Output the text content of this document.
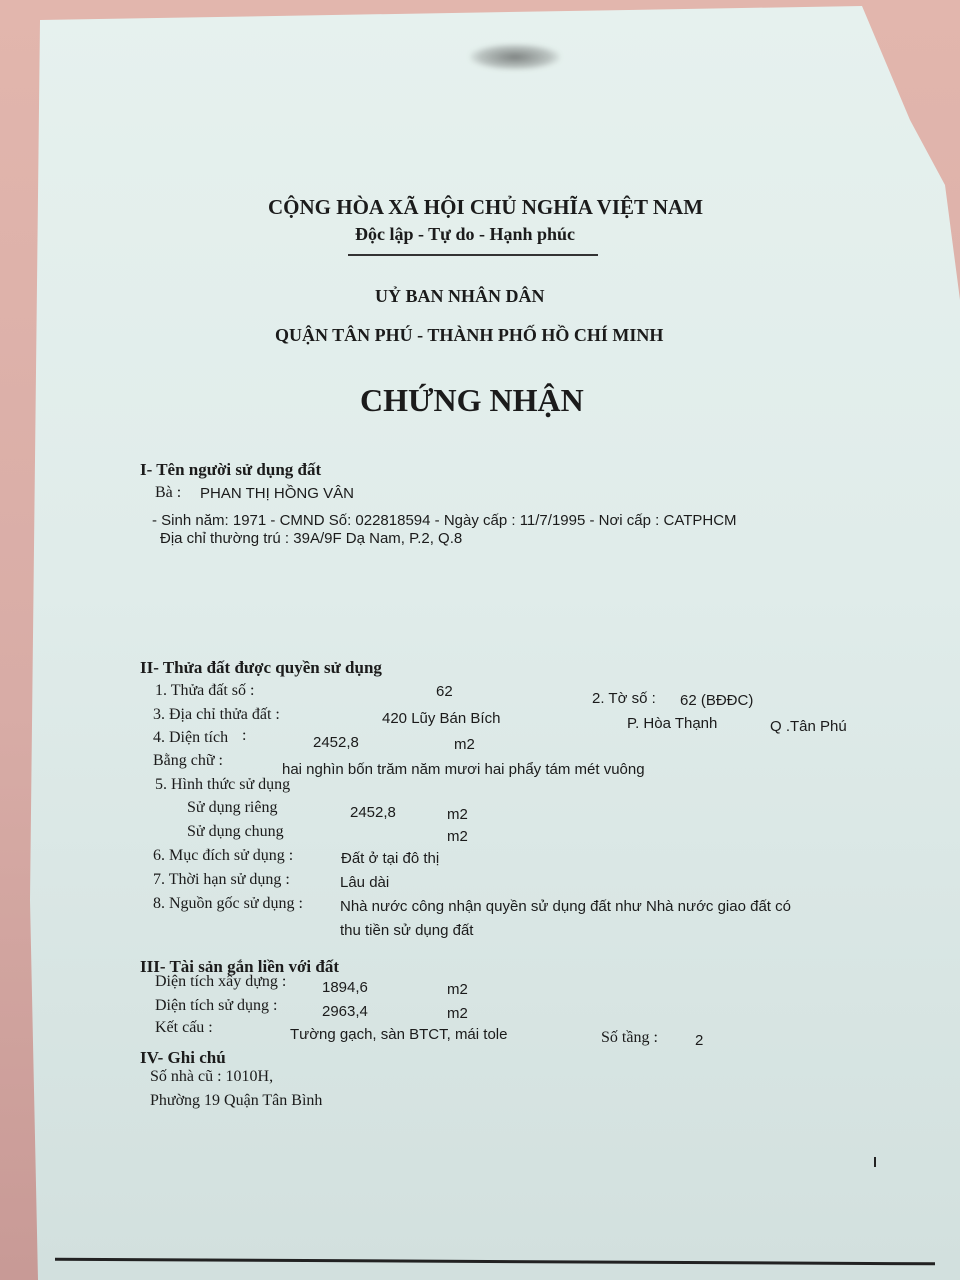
CỘNG HÒA XÃ HỘI CHỦ NGHĨA VIỆT NAM
Độc lập - Tự do - Hạnh phúc
UỶ BAN NHÂN DÂN
QUẬN TÂN PHÚ - THÀNH PHỐ HỒ CHÍ MINH
CHỨNG NHẬN
I- Tên người sử dụng đất
Bà : PHAN THỊ HỒNG VÂN
- Sinh năm: 1971 - CMND Số: 022818594 - Ngày cấp : 11/7/1995 - Nơi cấp : CATPHCM
Địa chỉ thường trú : 39A/9F Dạ Nam, P.2, Q.8
II- Thửa đất được quyền sử dụng
1. Thửa đất số :	62	2. Tờ số : 62 (BĐĐC)
3. Địa chỉ thửa đất :	420 Lũy Bán Bích	P. Hòa Thạnh	Q .Tân Phú
4. Diện tích :	2452,8	m2
Bằng chữ :
hai nghìn bốn trăm năm mươi hai phẩy tám mét vuông
5. Hình thức sử dụng
Sử dụng riêng	2452,8	m2
Sử dụng chung	m2
6. Mục đích sử dụng :	Đất ở tại đô thị
7. Thời hạn sử dụng :	Lâu dài
8. Nguồn gốc sử dụng : Nhà nước công nhận quyền sử dụng đất như Nhà nước giao đất có
thu tiền sử dụng đất
III- Tài sản gắn liền với đất
Diện tích xây dựng : 1894,6	m2
Diện tích sử dụng :	2963,4	m2
Kết cấu :	Tường gạch, sàn BTCT, mái tole	Số tầng : 2
IV- Ghi chú
Số nhà cũ : 1010H,
Phường 19 Quận Tân Bình
